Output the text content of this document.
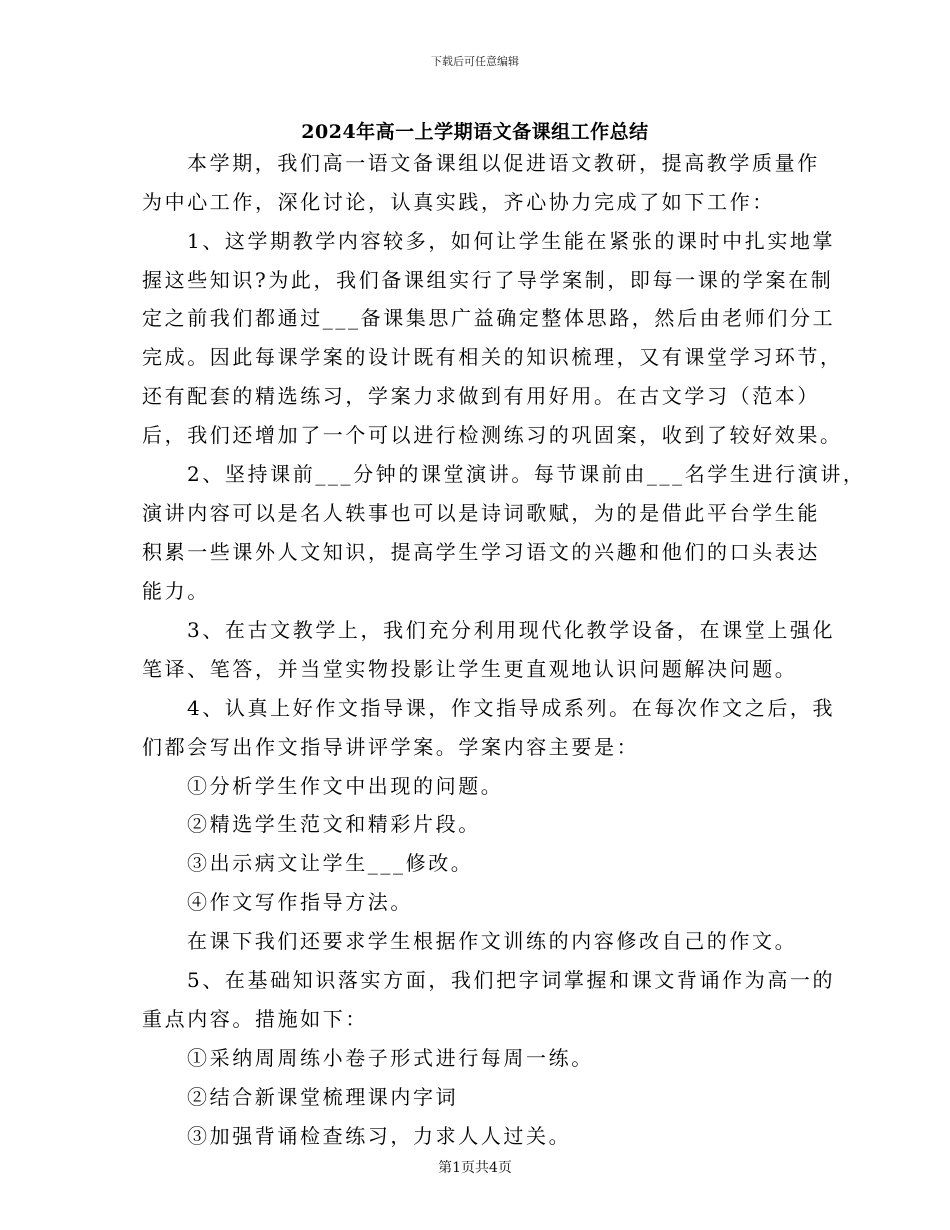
下载后可任意编辑
2024年高一上学期语文备课组工作总结
本学期，我们高一语文备课组以促进语文教研，提高教学质量作
为中心工作，深化讨论，认真实践，齐心协力完成了如下工作：
1、这学期教学内容较多，如何让学生能在紧张的课时中扎实地掌
握这些知识?为此，我们备课组实行了导学案制，即每一课的学案在制
定之前我们都通过___备课集思广益确定整体思路，然后由老师们分工
完成。因此每课学案的设计既有相关的知识梳理，又有课堂学习环节，
还有配套的精选练习，学案力求做到有用好用。在古文学习（范本）
后，我们还增加了一个可以进行检测练习的巩固案，收到了较好效果。
2、坚持课前___分钟的课堂演讲。每节课前由___名学生进行演讲，
演讲内容可以是名人轶事也可以是诗词歌赋，为的是借此平台学生能
积累一些课外人文知识，提高学生学习语文的兴趣和他们的口头表达
能力。
3、在古文教学上，我们充分利用现代化教学设备，在课堂上强化
笔译、笔答，并当堂实物投影让学生更直观地认识问题解决问题。
4、认真上好作文指导课，作文指导成系列。在每次作文之后，我
们都会写出作文指导讲评学案。学案内容主要是：
①分析学生作文中出现的问题。
②精选学生范文和精彩片段。
③出示病文让学生___修改。
④作文写作指导方法。
在课下我们还要求学生根据作文训练的内容修改自己的作文。
5、在基础知识落实方面，我们把字词掌握和课文背诵作为高一的
重点内容。措施如下：
①采纳周周练小卷子形式进行每周一练。
②结合新课堂梳理课内字词
③加强背诵检查练习，力求人人过关。
第1页共4页
